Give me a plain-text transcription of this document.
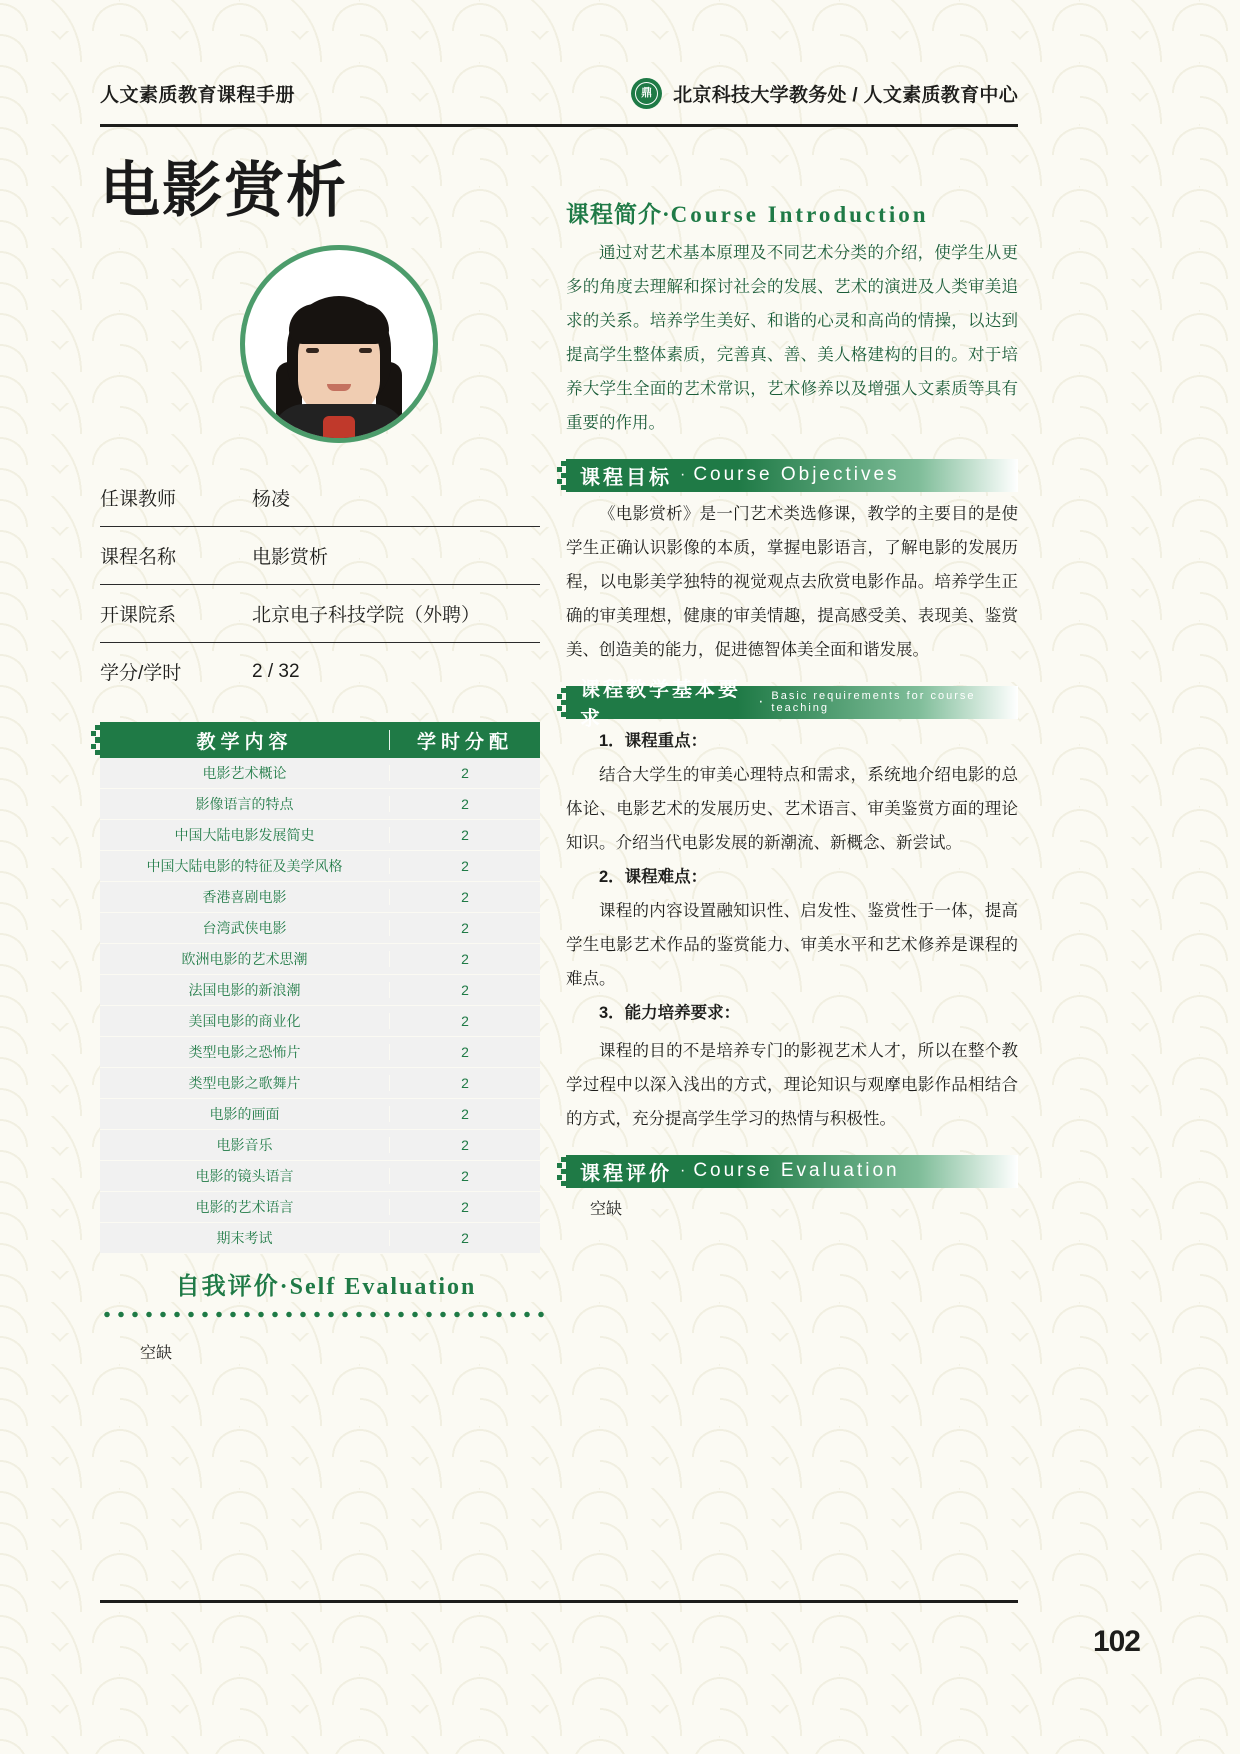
人文素质教育课程手册	鼎 北京科技大学教务处 / 人文素质教育中心
电影赏析
任课教师	杨凌
课程名称	电影赏析
开课院系	北京电子科技学院（外聘）
学分/学时	2 / 32
教学内容	学时分配
电影艺术概论	2
影像语言的特点	2
中国大陆电影发展简史	2
中国大陆电影的特征及美学风格	2
香港喜剧电影	2
台湾武侠电影	2
欧洲电影的艺术思潮	2
法国电影的新浪潮	2
美国电影的商业化	2
类型电影之恐怖片	2
类型电影之歌舞片	2
电影的画面	2
电影音乐	2
电影的镜头语言	2
电影的艺术语言	2
期末考试	2
自我评价·Self Evaluation
空缺
课程简介·Course Introduction
通过对艺术基本原理及不同艺术分类的介绍，使学生从更多的角度去理解和探讨社会的发展、艺术的演进及人类审美追求的关系。培养学生美好、和谐的心灵和高尚的情操，以达到提高学生整体素质，完善真、善、美人格建构的目的。对于培养大学生全面的艺术常识，艺术修养以及增强人文素质等具有重要的作用。
课程目标 · Course Objectives
《电影赏析》是一门艺术类选修课，教学的主要目的是使学生正确认识影像的本质，掌握电影语言，了解电影的发展历程，以电影美学独特的视觉观点去欣赏电影作品。培养学生正确的审美理想，健康的审美情趣，提高感受美、表现美、鉴赏美、创造美的能力，促进德智体美全面和谐发展。
课程教学基本要求
· Basic requirements for course teaching
1．课程重点：
结合大学生的审美心理特点和需求，系统地介绍电影的总体论、电影艺术的发展历史、艺术语言、审美鉴赏方面的理论知识。介绍当代电影发展的新潮流、新概念、新尝试。
2．课程难点：
课程的内容设置融知识性、启发性、鉴赏性于一体，提高学生电影艺术作品的鉴赏能力、审美水平和艺术修养是课程的难点。
3．能力培养要求：
课程的目的不是培养专门的影视艺术人才，所以在整个教学过程中以深入浅出的方式，理论知识与观摩电影作品相结合的方式，充分提高学生学习的热情与积极性。
课程评价 · Course Evaluation
空缺
102
